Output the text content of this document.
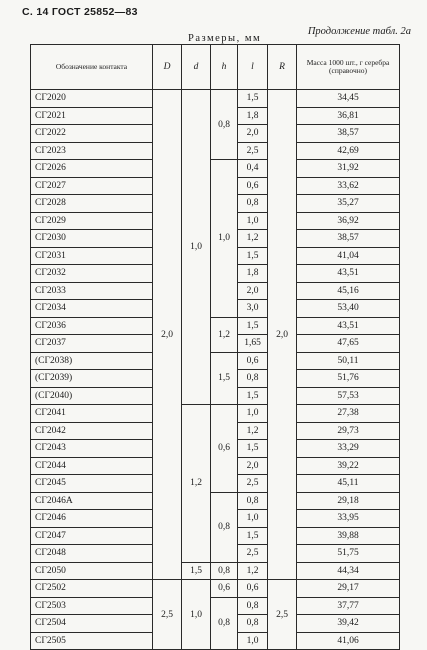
С. 14 ГОСТ 25852—83
Продолжение табл. 2а
Размеры, мм
Обозначение контакта	D	d	h	l	R	Масса 1000 шт., г серебра (справочно)
СГ2020	2,0	1,0	0,8	1,5	2,0	34,45
СГ2021				1,8		36,81
СГ2022				2,0		38,57
СГ2023				2,5		42,69
СГ2026			1,0	0,4		31,92
СГ2027				0,6		33,62
СГ2028				0,8		35,27
СГ2029				1,0		36,92
СГ2030				1,2		38,57
СГ2031				1,5		41,04
СГ2032				1,8		43,51
СГ2033				2,0		45,16
СГ2034				3,0		53,40
СГ2036			1,2	1,5		43,51
СГ2037				1,65		47,65
(СГ2038)			1,5	0,6		50,11
(СГ2039)				0,8		51,76
(СГ2040)				1,5		57,53
СГ2041		1,2	0,6	1,0		27,38
СГ2042				1,2		29,73
СГ2043				1,5		33,29
СГ2044				2,0		39,22
СГ2045				2,5		45,11
СГ2046А			0,8	0,8		29,18
СГ2046				1,0		33,95
СГ2047				1,5		39,88
СГ2048				2,5		51,75
СГ2050		1,5	0,8	1,2		44,34
СГ2502	2,5	1,0	0,6	0,6	2,5	29,17
СГ2503			0,8	0,8		37,77
СГ2504				0,8		39,42
СГ2505				1,0		41,06
